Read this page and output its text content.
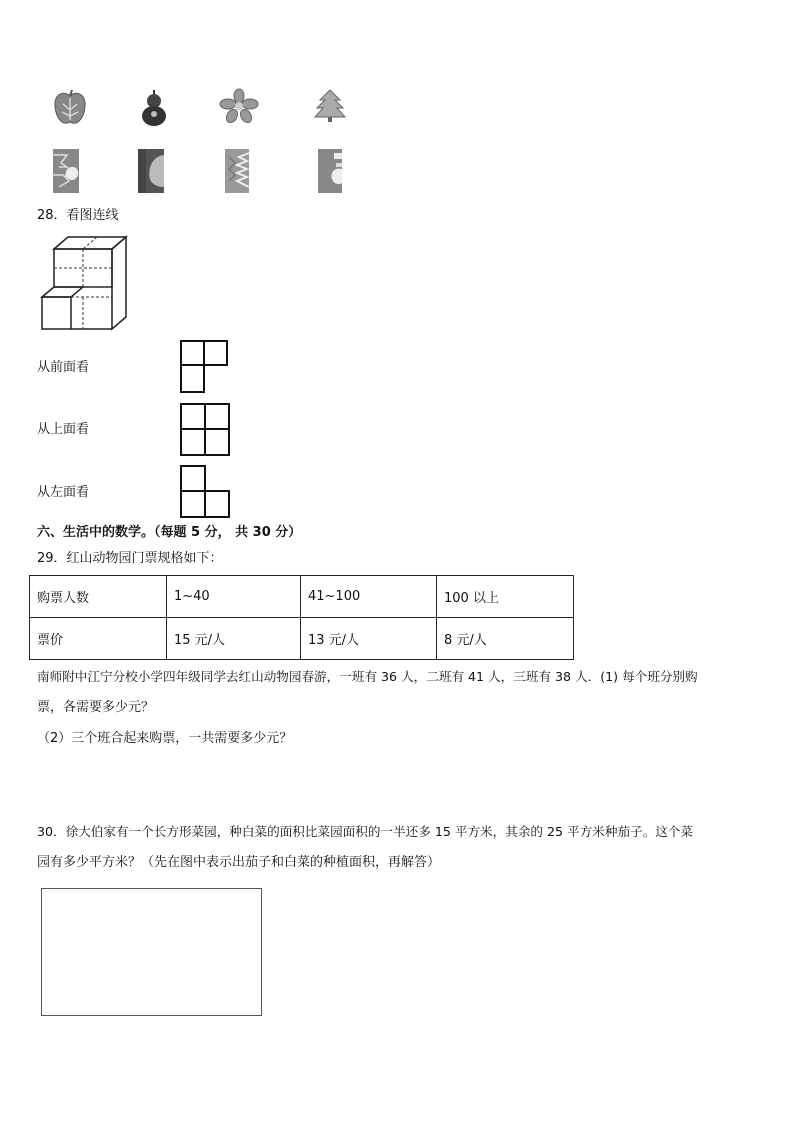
28．看图连线
从前面看
从上面看
从左面看
六、生活中的数学。（每题 5 分， 共 30 分）
29．红山动物园门票规格如下：
购票人数	1~40	41~100	100 以上
票价	15 元/人	13 元/人	8 元/人
南师附中江宁分校小学四年级同学去红山动物园春游，一班有 36 人，二班有 41 人，三班有 38 人．(1) 每个班分别购
票，各需要多少元？
（2）三个班合起来购票，一共需要多少元？
30．徐大伯家有一个长方形菜园，种白菜的面积比菜园面积的一半还多 15 平方米，其余的 25 平方米种茄子。这个菜
园有多少平方米？（先在图中表示出茄子和白菜的种植面积，再解答）
